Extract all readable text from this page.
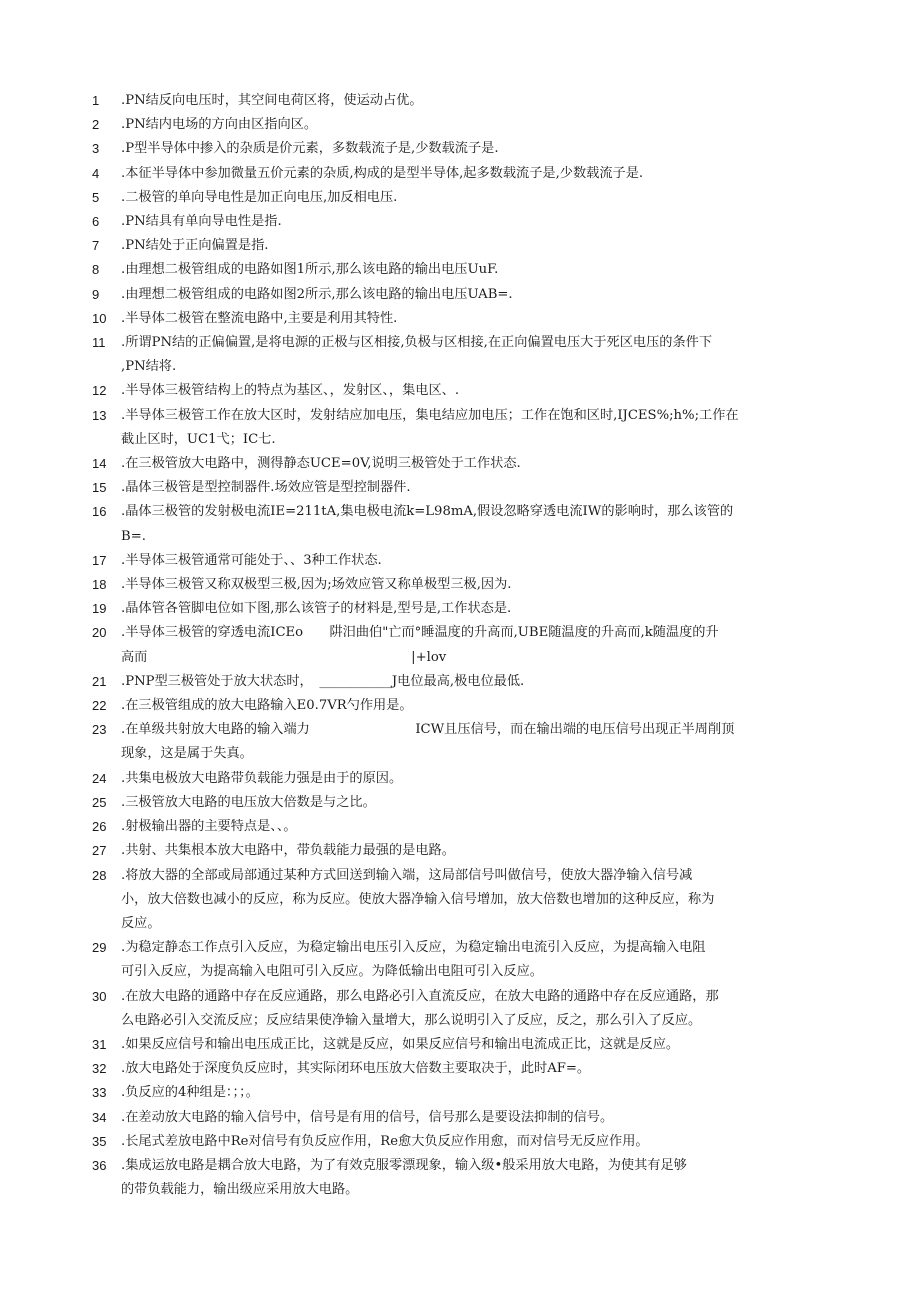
1	.PN结反向电压时，其空间电荷区将，使运动占优。
2	.PN结内电场的方向由区指向区。
3	.P型半导体中掺入的杂质是价元素，多数载流子是,少数载流子是.
4	.本征半导体中参加微量五价元素的杂质,构成的是型半导体,起多数载流子是,少数载流子是.
5	.二极管的单向导电性是加正向电压,加反相电压.
6	.PN结具有单向导电性是指.
7	.PN结处于正向偏置是指.
8	.由理想二极管组成的电路如图1所示,那么该电路的输出电压UuF.
9	.由理想二极管组成的电路如图2所示,那么该电路的输出电压UAB=.
10	.半导体二极管在整流电路中,主要是利用其特性.
11	.所谓PN结的正偏偏置,是将电源的正极与区相接,负极与区相接,在正向偏置电压大于死区电压的条件下
,PN结将.
12	.半导体三极管结构上的特点为基区、，发射区、，集电区、.
13	.半导体三极管工作在放大区时，发射结应加电压，集电结应加电压；工作在饱和区时,IJCES%;h%;工作在
截止区时，UC1弋；IC七.
14	.在三极管放大电路中，测得静态UCE=0V,说明三极管处于工作状态.
15	.晶体三极管是型控制器件.场效应管是型控制器件.
16	.晶体三极管的发射极电流IE=211tA,集电极电流k=L98mA,假设忽略穿透电流IW的影响时，那么该管的
B=.
17	.半导体三极管通常可能处于、、3种工作状态.
18	.半导体三极管又称双极型三极,因为;场效应管又称单极型三极,因为.
19	.晶体管各管脚电位如下图,那么该管子的材料是,型号是,工作状态是.
20	.半导体三极管的穿透电流ICEo　　阱汨曲伯"亡而°睡温度的升高而,UBE随温度的升高而,k随温度的升
高而　　　　　　　　　　　　　　　　　　　　|+lov
21	.PNP型三极管处于放大状态时，　___________J电位最高,极电位最低.
22	.在三极管组成的放大电路输入E0.7VR勺作用是。
23	.在单级共射放大电路的输入端力　　　　　　　　ICW且压信号，而在输出端的电压信号出现正半周削顶
现象，这是属于失真。
24	.共集电极放大电路带负载能力强是由于的原因。
25	.三极管放大电路的电压放大倍数是与之比。
26	.射极输出器的主要特点是、、。
27	.共射、共集根本放大电路中，带负载能力最强的是电路。
28	.将放大器的全部或局部通过某种方式回送到输入端，这局部信号叫做信号，使放大器净输入信号减
小，放大倍数也减小的反应，称为反应。使放大器净输入信号增加，放大倍数也增加的这种反应，称为
反应。
29	.为稳定静态工作点引入反应，为稳定输出电压引入反应，为稳定输出电流引入反应，为提高输入电阻
可引入反应，为提高输入电阻可引入反应。为降低输出电阻可引入反应。
30	.在放大电路的通路中存在反应通路，那么电路必引入直流反应，在放大电路的通路中存在反应通路，那
么电路必引入交流反应；反应结果使净输入量增大，那么说明引入了反应，反之，那么引入了反应。
31	.如果反应信号和输出电压成正比，这就是反应，如果反应信号和输出电流成正比，这就是反应。
32	.放大电路处于深度负反应时，其实际闭环电压放大倍数主要取决于，此时AF=。
33	.负反应的4种组是：；；。
34	.在差动放大电路的输入信号中，信号是有用的信号，信号那么是要设法抑制的信号。
35	.长尾式差放电路中Re对信号有负反应作用，Re愈大负反应作用愈，而对信号无反应作用。
36	.集成运放电路是耦合放大电路，为了有效克服零漂现象，输入级•般采用放大电路，为使其有足够
的带负载能力，输出级应采用放大电路。
